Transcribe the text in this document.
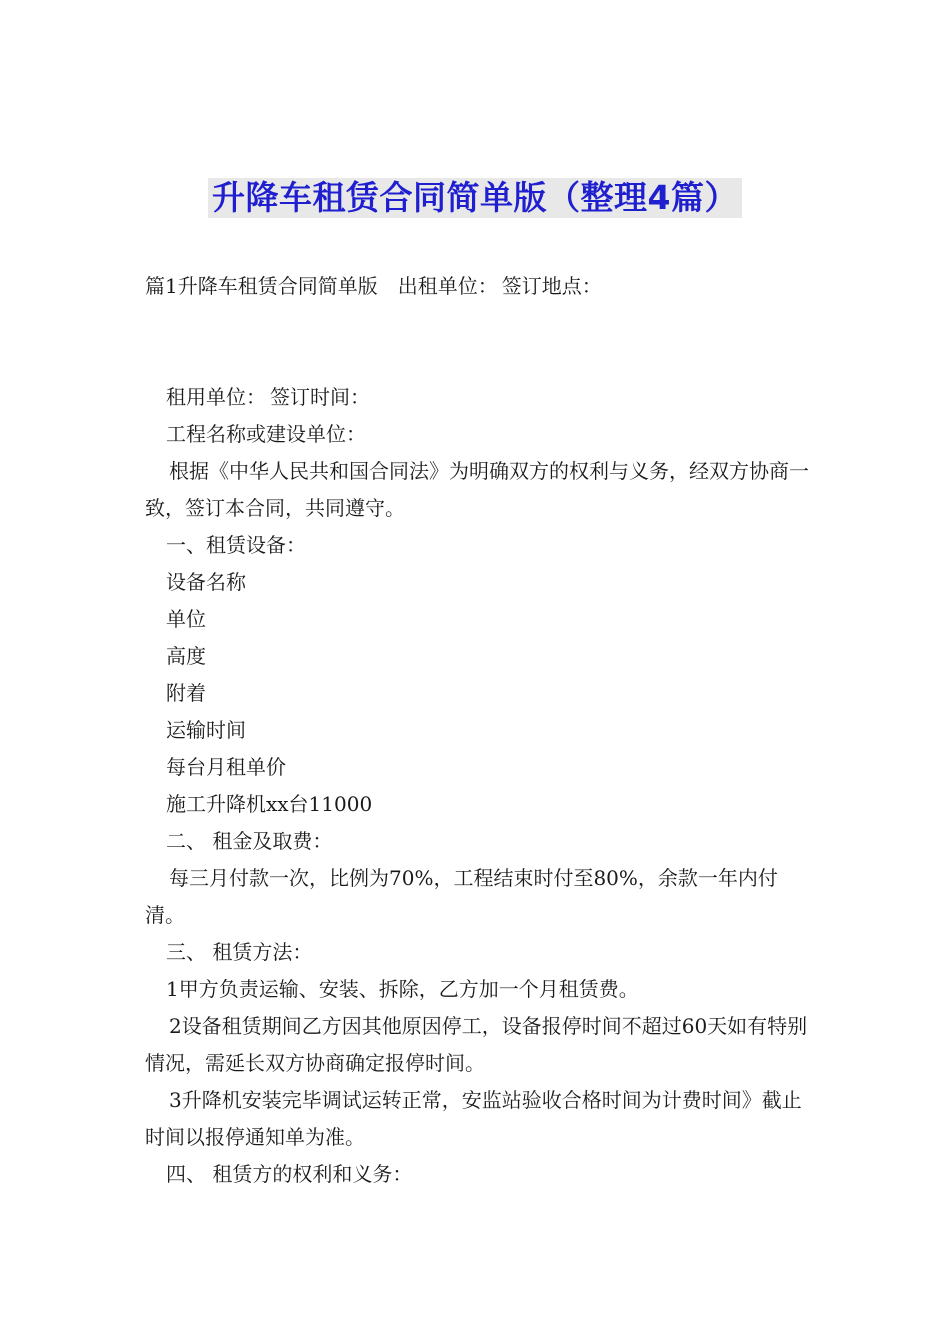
升降车租赁合同简单版（整理4篇）

篇1升降车租赁合同简单版 出租单位： 签订地点：

租用单位： 签订时间：

工程名称或建设单位：

根据《中华人民共和国合同法》为明确双方的权利与义务，经双方协商一致，签订本合同，共同遵守。

一、租赁设备：

设备名称

单位

高度

附着

运输时间

每台月租单价

施工升降机xx台11000

二、 租金及取费：

每三月付款一次，比例为70%，工程结束时付至80%，余款一年内付清。

三、 租赁方法：

1甲方负责运输、安装、拆除，乙方加一个月租赁费。

2设备租赁期间乙方因其他原因停工，设备报停时间不超过60天如有特别情况，需延长双方协商确定报停时间。

3升降机安装完毕调试运转正常，安监站验收合格时间为计费时间》截止时间以报停通知单为准。

四、 租赁方的权利和义务：
